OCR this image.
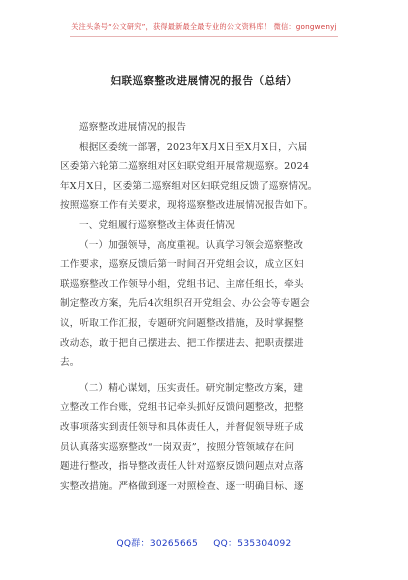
关注头条号“公文研究”，获得最新最全最专业的公文资料库！ 微信：gongwenyj
妇联巡察整改进展情况的报告（总结）
巡察整改进展情况的报告
根据区委统一部署，2023年X月X日至X月X日，六届
区委第六轮第二巡察组对区妇联党组开展常规巡察。2024
年X月X日，区委第二巡察组对区妇联党组反馈了巡察情况。
按照巡察工作有关要求，现将巡察整改进展情况报告如下。
一、党组履行巡察整改主体责任情况
（一）加强领导，高度重视。认真学习领会巡察整改
工作要求，巡察反馈后第一时间召开党组会议，成立区妇
联巡察整改工作领导小组，党组书记、主席任组长，牵头
制定整改方案，先后4次组织召开党组会、办公会等专题会
议，听取工作汇报，专题研究问题整改措施，及时掌握整
改动态，敢于把自己摆进去、把工作摆进去、把职责摆进
去。
（二）精心谋划，压实责任。研究制定整改方案，建
立整改工作台账，党组书记牵头抓好反馈问题整改，把整
改事项落实到责任领导和具体责任人，并督促领导班子成
员认真落实巡察整改“一岗双责”，按照分管领域存在问
题进行整改，指导整改责任人针对巡察反馈问题点对点落
实整改措施。严格做到逐一对照检查、逐一明确目标、逐
QQ群：30265665 QQ：535304092
